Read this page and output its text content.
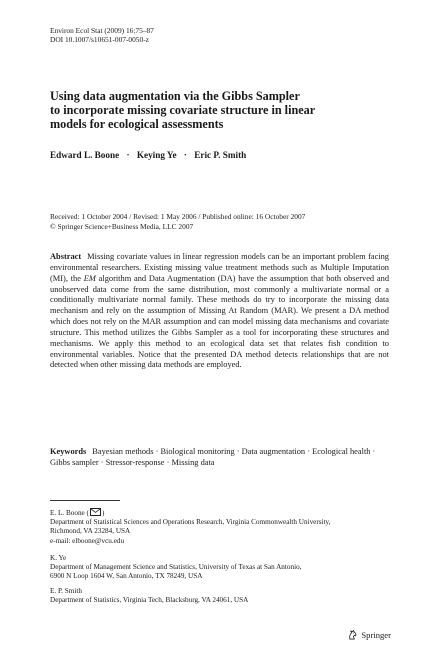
Environ Ecol Stat (2009) 16:75–87
DOI 10.1007/s10651-007-0050-z
Using data augmentation via the Gibbs Sampler
to incorporate missing covariate structure in linear
models for ecological assessments
Edward L. Boone · Keying Ye · Eric P. Smith
Received: 1 October 2004 / Revised: 1 May 2006 / Published online: 16 October 2007
© Springer Science+Business Media, LLC 2007
Abstract Missing covariate values in linear regression models can be an important problem facing environmental researchers. Existing missing value treatment methods such as Multiple Imputation (MI), the EM algorithm and Data Augmentation (DA) have the assumption that both observed and unobserved data come from the same distribution, most commonly a multivariate normal or a conditionally multivariate normal family. These methods do try to incorporate the missing data mechanism and rely on the assumption of Missing At Random (MAR). We present a DA method which does not rely on the MAR assumption and can model missing data mechanisms and covariate structure. This method utilizes the Gibbs Sampler as a tool for incorporating these structures and mechanisms. We apply this method to an ecological data set that relates fish condition to environmental variables. Notice that the presented DA method detects relationships that are not detected when other missing data methods are employed.
Keywords Bayesian methods · Biological monitoring · Data augmentation · Ecological health · Gibbs sampler · Stressor-response · Missing data
E. L. Boone ( )
Department of Statistical Sciences and Operations Research, Virginia Commonwealth University,
Richmond, VA 23284, USA
e-mail: elboone@vcu.edu
K. Ye
Department of Management Science and Statistics, University of Texas at San Antonio,
6900 N Loop 1604 W, San Antonio, TX 78249, USA
E. P. Smith
Department of Statistics, Virginia Tech, Blacksburg, VA 24061, USA
Springer
